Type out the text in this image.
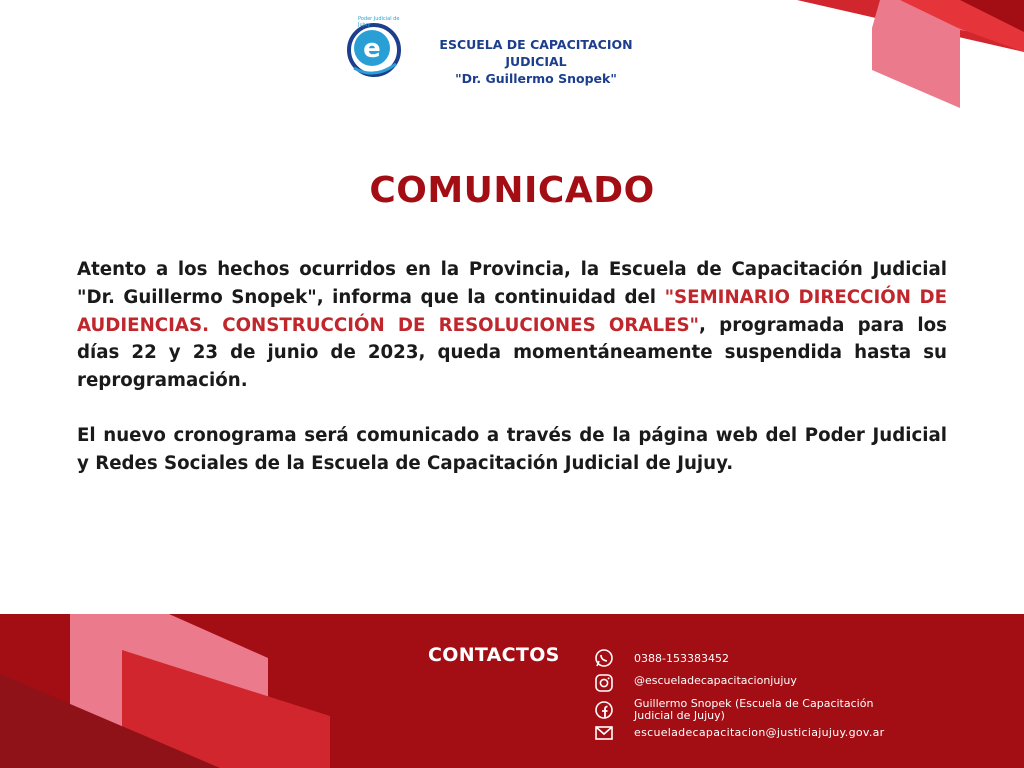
e
Poder Judicial de Jujuy
ESCUELA DE CAPACITACION JUDICIAL
"Dr. Guillermo Snopek"
COMUNICADO
Atento a los hechos ocurridos en la Provincia, la Escuela de Capacitación Judicial "Dr. Guillermo Snopek", informa que la continuidad del "SEMINARIO DIRECCIÓN DE AUDIENCIAS. CONSTRUCCIÓN DE RESOLUCIONES ORALES", programada para los días 22 y 23 de junio de 2023, queda momentáneamente suspendida hasta su reprogramación.
El nuevo cronograma será comunicado a través de la página web del Poder Judicial y Redes Sociales de la Escuela de Capacitación Judicial de Jujuy.
CONTACTOS	0388-153383452
@escueladecapacitacionjujuy
Guillermo Snopek (Escuela de Capacitación Judicial de Jujuy)
escueladecapacitacion@justiciajujuy.gov.ar
